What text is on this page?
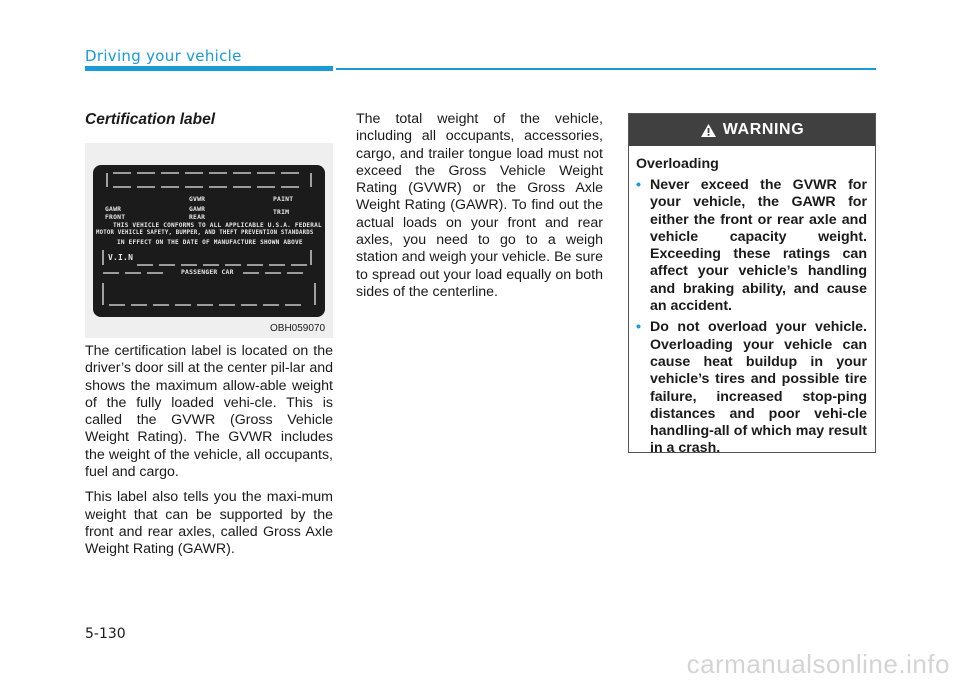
Driving your vehicle
Certification label
GVWR	PAINT
GAWR	GAWR	TRIM
FRONT	REAR
THIS VEHICLE CONFORMS TO ALL APPLICABLE U.S.A. FEDERAL
MOTOR VEHICLE SAFETY, BUMPER, AND THEFT PREVENTION STANDARDS
IN EFFECT ON THE DATE OF MANUFACTURE SHOWN ABOVE
V.I.N
PASSENGER CAR
OBH059070

The certification label is located on the driver’s door sill at the center pil-lar and shows the maximum allow-able weight of the fully loaded vehi-cle. This is called the GVWR (Gross Vehicle Weight Rating). The GVWR includes the weight of the vehicle, all occupants, fuel and cargo.

This label also tells you the maxi-mum weight that can be supported by the front and rear axles, called Gross Axle Weight Rating (GAWR).

The total weight of the vehicle, including all occupants, accessories, cargo, and trailer tongue load must not exceed the Gross Vehicle Weight Rating (GVWR) or the Gross Axle Weight Rating (GAWR). To find out the actual loads on your front and rear axles, you need to go to a weigh station and weigh your vehicle. Be sure to spread out your load equally on both sides of the centerline.

WARNING
Overloading
• Never exceed the GVWR for your vehicle, the GAWR for either the front or rear axle and vehicle capacity weight. Exceeding these ratings can affect your vehicle’s handling and braking ability, and cause an accident.
• Do not overload your vehicle. Overloading your vehicle can cause heat buildup in your vehicle’s tires and possible tire failure, increased stop-ping distances and poor vehi-cle handling-all of which may result in a crash.
5-130
carmanualsonline.info
